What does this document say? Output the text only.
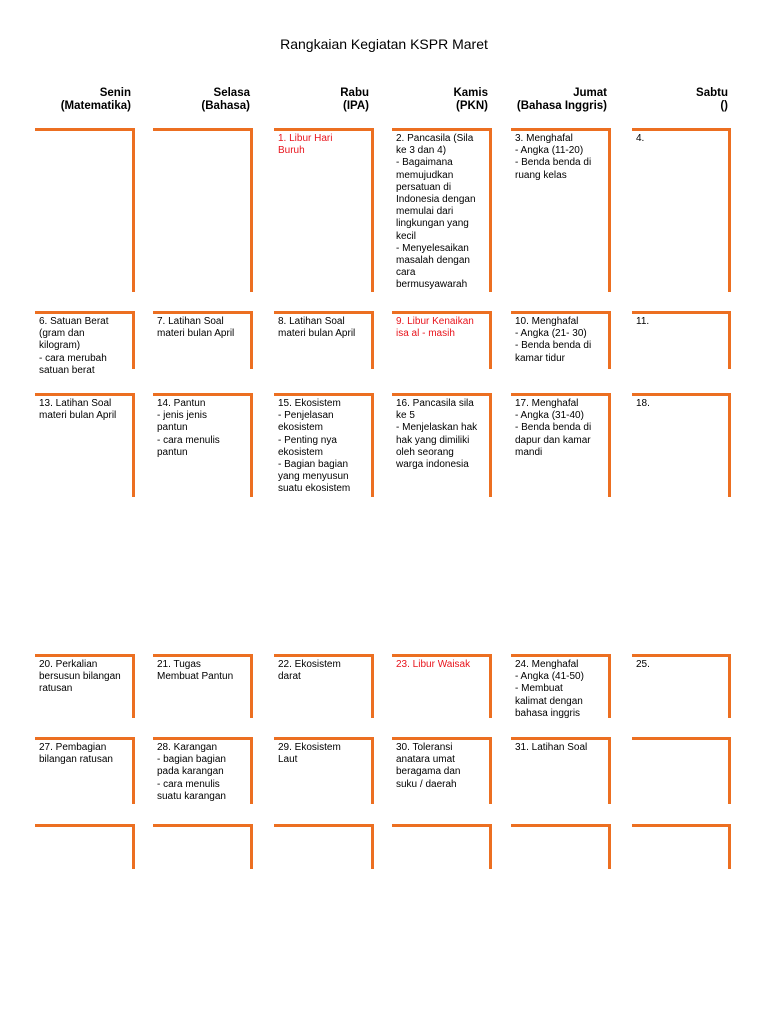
Rangkaian Kegiatan KSPR Maret
Senin
(Matematika)
Selasa
(Bahasa)
Rabu
(IPA)
Kamis
(PKN)
Jumat
(Bahasa Inggris)
Sabtu
()
1. Libur Hari
Buruh
2. Pancasila (Sila
ke 3 dan 4)
- Bagaimana
memujudkan
persatuan di
Indonesia dengan
memulai dari
lingkungan yang
kecil
- Menyelesaikan
masalah dengan
cara
bermusyawarah
3. Menghafal
- Angka (11-20)
- Benda benda di
ruang kelas
4.
6. Satuan Berat
(gram dan
kilogram)
- cara merubah
satuan berat
7. Latihan Soal
materi bulan April
8. Latihan Soal
materi bulan April
9. Libur Kenaikan
isa al - masih
10. Menghafal
- Angka (21- 30)
- Benda benda di
kamar tidur
11.
13. Latihan Soal
materi bulan April
14. Pantun
- jenis jenis
pantun
- cara menulis
pantun
15. Ekosistem
- Penjelasan
ekosistem
- Penting nya
ekosistem
- Bagian bagian
yang menyusun
suatu ekosistem
16. Pancasila sila
ke 5
- Menjelaskan hak
hak yang dimiliki
oleh seorang
warga indonesia
17. Menghafal
- Angka (31-40)
- Benda benda di
dapur dan kamar
mandi
18.
20. Perkalian
bersusun bilangan
ratusan
21. Tugas
Membuat Pantun
22. Ekosistem
darat
23. Libur Waisak	24. Menghafal
- Angka (41-50)
- Membuat
kalimat dengan
bahasa inggris
25.
27. Pembagian
bilangan ratusan
28. Karangan
- bagian bagian
pada karangan
- cara menulis
suatu karangan
29. Ekosistem
Laut
30. Toleransi
anatara umat
beragama dan
suku / daerah
31. Latihan Soal
